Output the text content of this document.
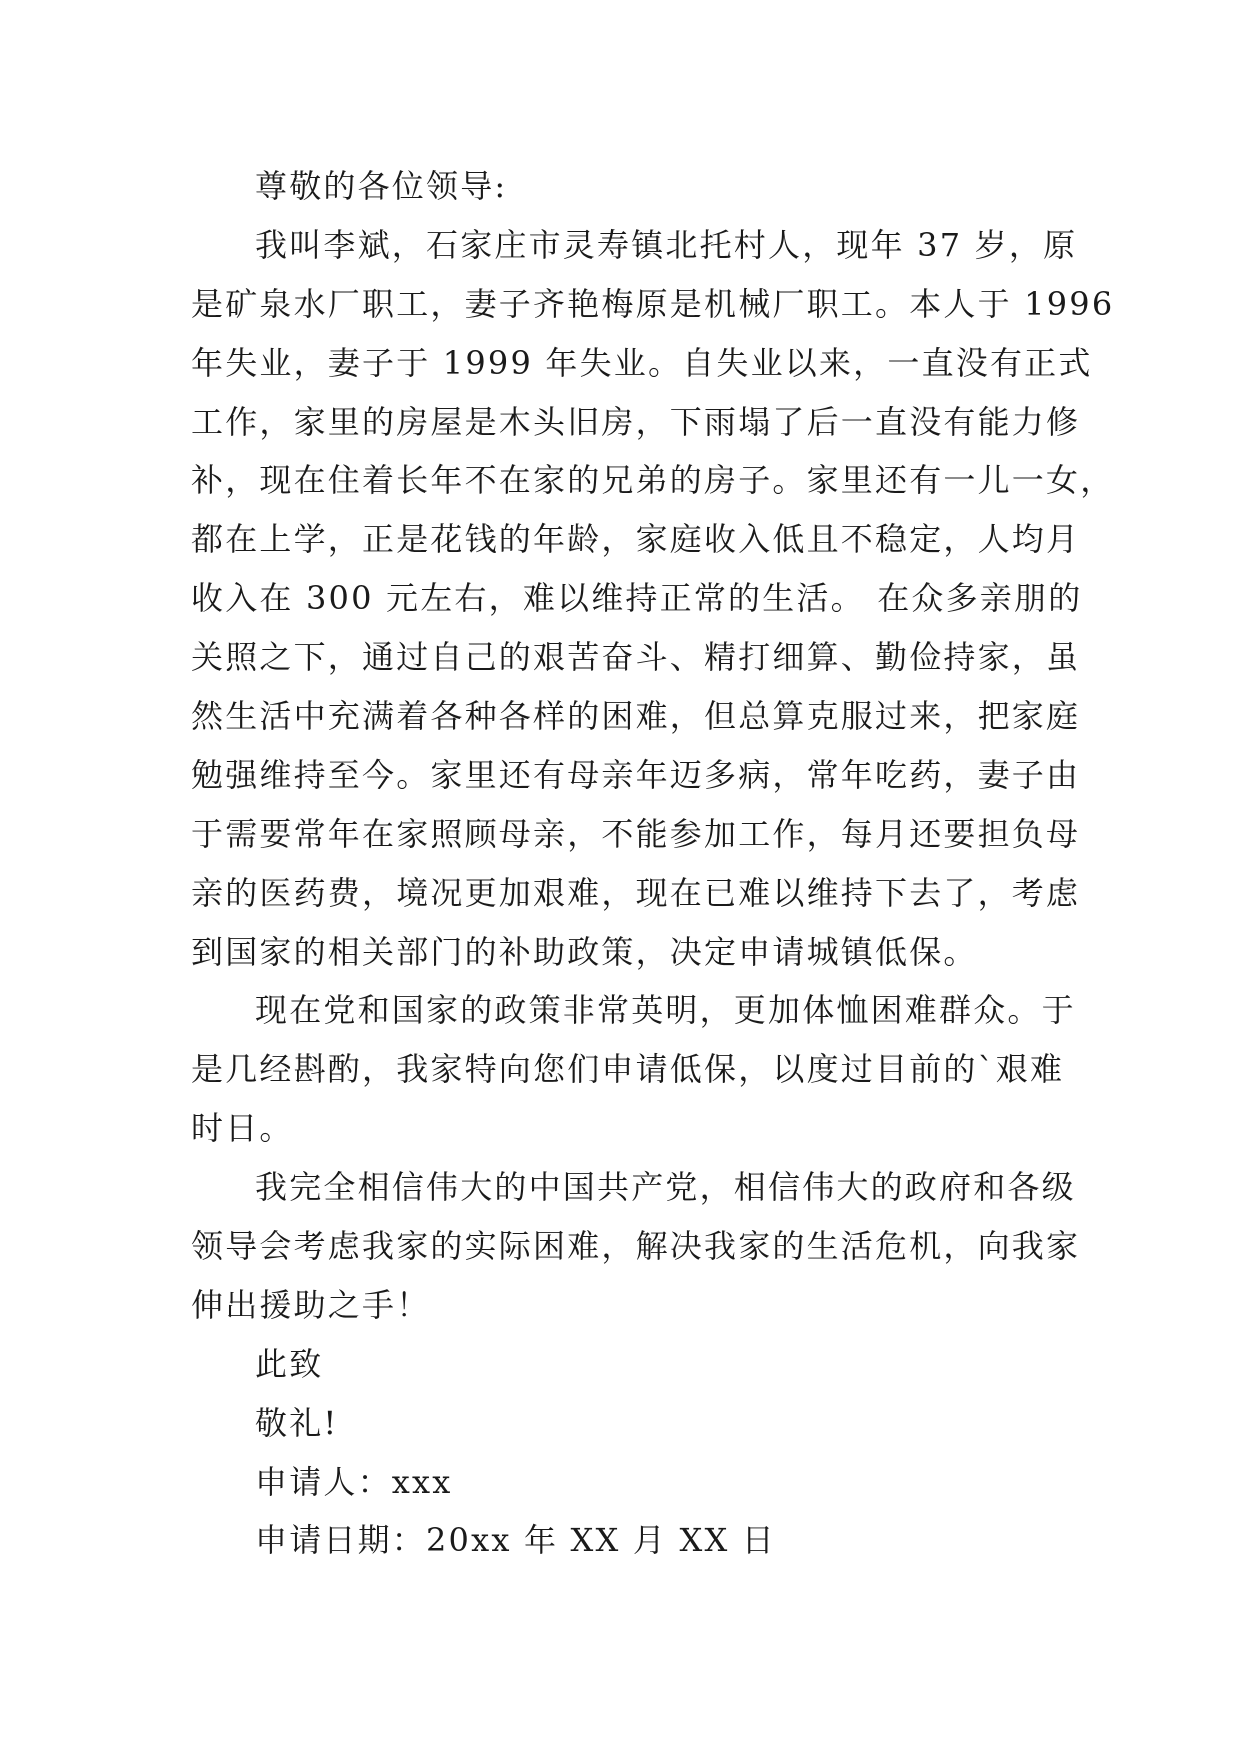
尊敬的各位领导:
我叫李斌，石家庄市灵寿镇北托村人，现年 37 岁，原
是矿泉水厂职工，妻子齐艳梅原是机械厂职工。本人于 1996
年失业，妻子于 1999 年失业。自失业以来，一直没有正式
工作，家里的房屋是木头旧房，下雨塌了后一直没有能力修
补，现在住着长年不在家的兄弟的房子。家里还有一儿一女，
都在上学，正是花钱的年龄，家庭收入低且不稳定，人均月
收入在 300 元左右，难以维持正常的生活。 在众多亲朋的
关照之下，通过自己的艰苦奋斗、精打细算、勤俭持家，虽
然生活中充满着各种各样的困难，但总算克服过来，把家庭
勉强维持至今。家里还有母亲年迈多病，常年吃药，妻子由
于需要常年在家照顾母亲，不能参加工作，每月还要担负母
亲的医药费，境况更加艰难，现在已难以维持下去了，考虑
到国家的相关部门的补助政策，决定申请城镇低保。
现在党和国家的政策非常英明，更加体恤困难群众。于
是几经斟酌，我家特向您们申请低保，以度过目前的`艰难
时日。
我完全相信伟大的中国共产党，相信伟大的政府和各级
领导会考虑我家的实际困难，解决我家的生活危机，向我家
伸出援助之手！
此致
敬礼!
申请人：xxx
申请日期：20xx 年 XX 月 XX 日
